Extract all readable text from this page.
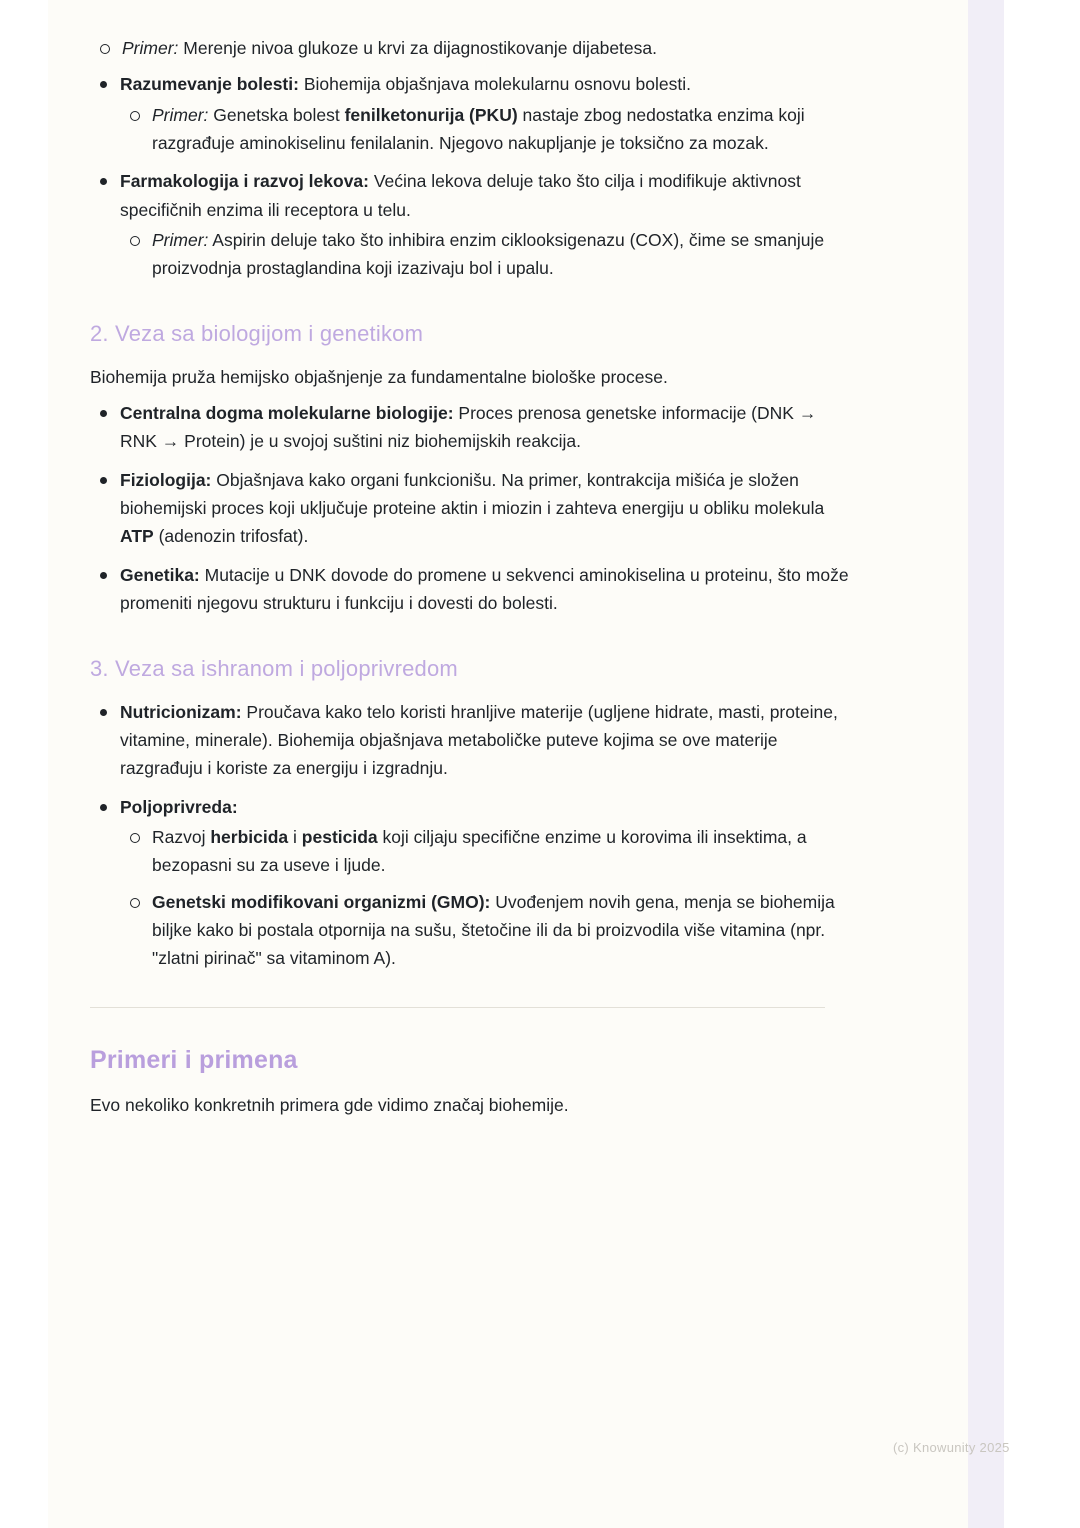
Primer: Merenje nivoa glukoze u krvi za dijagnostikovanje dijabetesa.
Razumevanje bolesti: Biohemija objašnjava molekularnu osnovu bolesti.
Primer: Genetska bolest fenilketonurija (PKU) nastaje zbog nedostatka enzima koji razgrađuje aminokiselinu fenilalanin. Njegovo nakupljanje je toksično za mozak.
Farmakologija i razvoj lekova: Većina lekova deluje tako što cilja i modifikuje aktivnost specifičnih enzima ili receptora u telu.
Primer: Aspirin deluje tako što inhibira enzim ciklooksigenazu (COX), čime se smanjuje proizvodnja prostaglandina koji izazivaju bol i upalu.
2. Veza sa biologijom i genetikom

Biohemija pruža hemijsko objašnjenje za fundamentalne biološke procese.

Centralna dogma molekularne biologije: Proces prenosa genetske informacije (DNK → RNK → Protein) je u svojoj suštini niz biohemijskih reakcija.
Fiziologija: Objašnjava kako organi funkcionišu. Na primer, kontrakcija mišića je složen biohemijski proces koji uključuje proteine aktin i miozin i zahteva energiju u obliku molekula ATP (adenozin trifosfat).
Genetika: Mutacije u DNK dovode do promene u sekvenci aminokiselina u proteinu, što može promeniti njegovu strukturu i funkciju i dovesti do bolesti.
3. Veza sa ishranom i poljoprivredom
Nutricionizam: Proučava kako telo koristi hranljive materije (ugljene hidrate, masti, proteine, vitamine, minerale). Biohemija objašnjava metaboličke puteve kojima se ove materije razgrađuju i koriste za energiju i izgradnju.
Poljoprivreda:
Razvoj herbicida i pesticida koji ciljaju specifične enzime u korovima ili insektima, a bezopasni su za useve i ljude.
Genetski modifikovani organizmi (GMO): Uvođenjem novih gena, menja se biohemija biljke kako bi postala otpornija na sušu, štetočine ili da bi proizvodila više vitamina (npr. "zlatni pirinač" sa vitaminom A).
Primeri i primena

Evo nekoliko konkretnih primera gde vidimo značaj biohemije.

(c) Knowunity 2025
